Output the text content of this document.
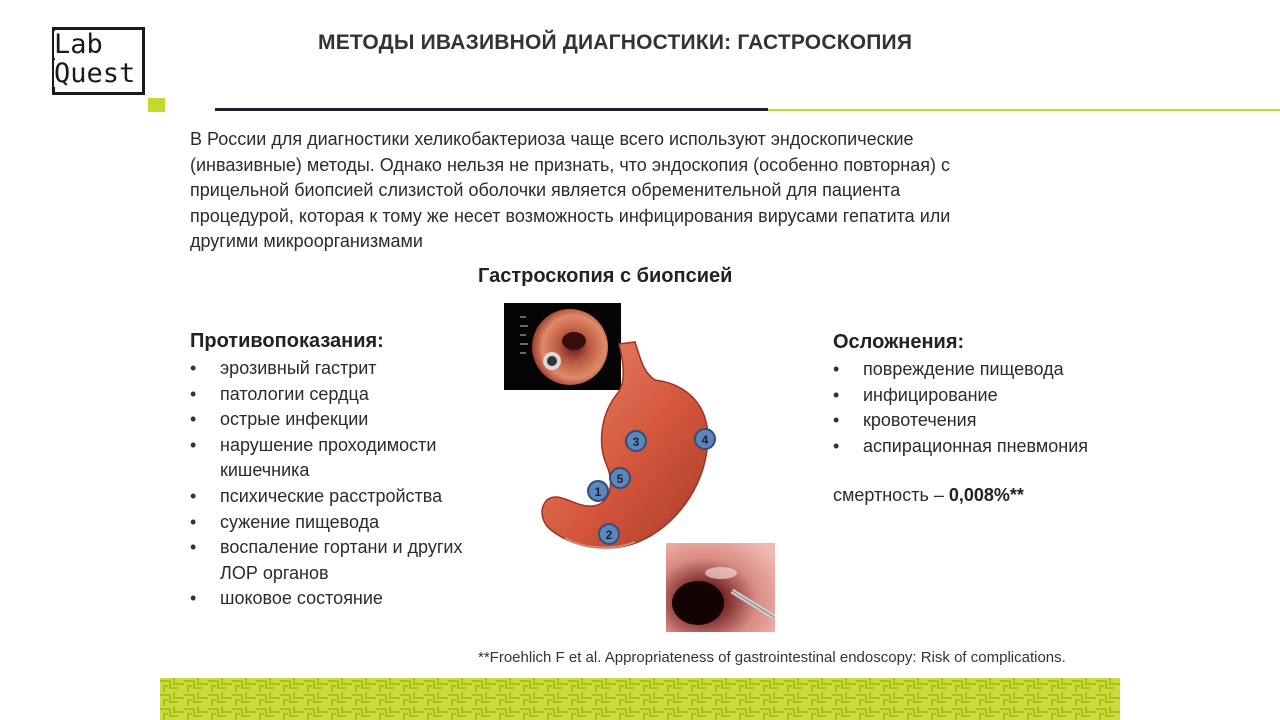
Lab
Quest
МЕТОДЫ ИВАЗИВНОЙ ДИАГНОСТИКИ: ГАСТРОСКОПИЯ
В России для диагностики хеликобактериоза чаще всего используют эндоскопические
(инвазивные) методы. Однако нельзя не признать, что эндоскопия (особенно повторная) с
прицельной биопсией слизистой оболочки является обременительной для пациента
процедурой, которая к тому же несет возможность инфицирования вирусами гепатита или
другими микроорганизмами
Гастроскопия с биопсией
Противопоказания:
• эрозивный гастрит
• патологии сердца
• острые инфекции
• нарушение проходимости кишечника
• психические расстройства
• сужение пищевода
• воспаление гортани и других ЛОР органов
• шоковое состояние
Осложнения:
• повреждение пищевода
• инфицирование
• кровотечения
• аспирационная пневмония
смертность – 0,008%**
3	4
5
1
2
**Froehlich F et al. Appropriateness of gastrointestinal endoscopy: Risk of complications.
